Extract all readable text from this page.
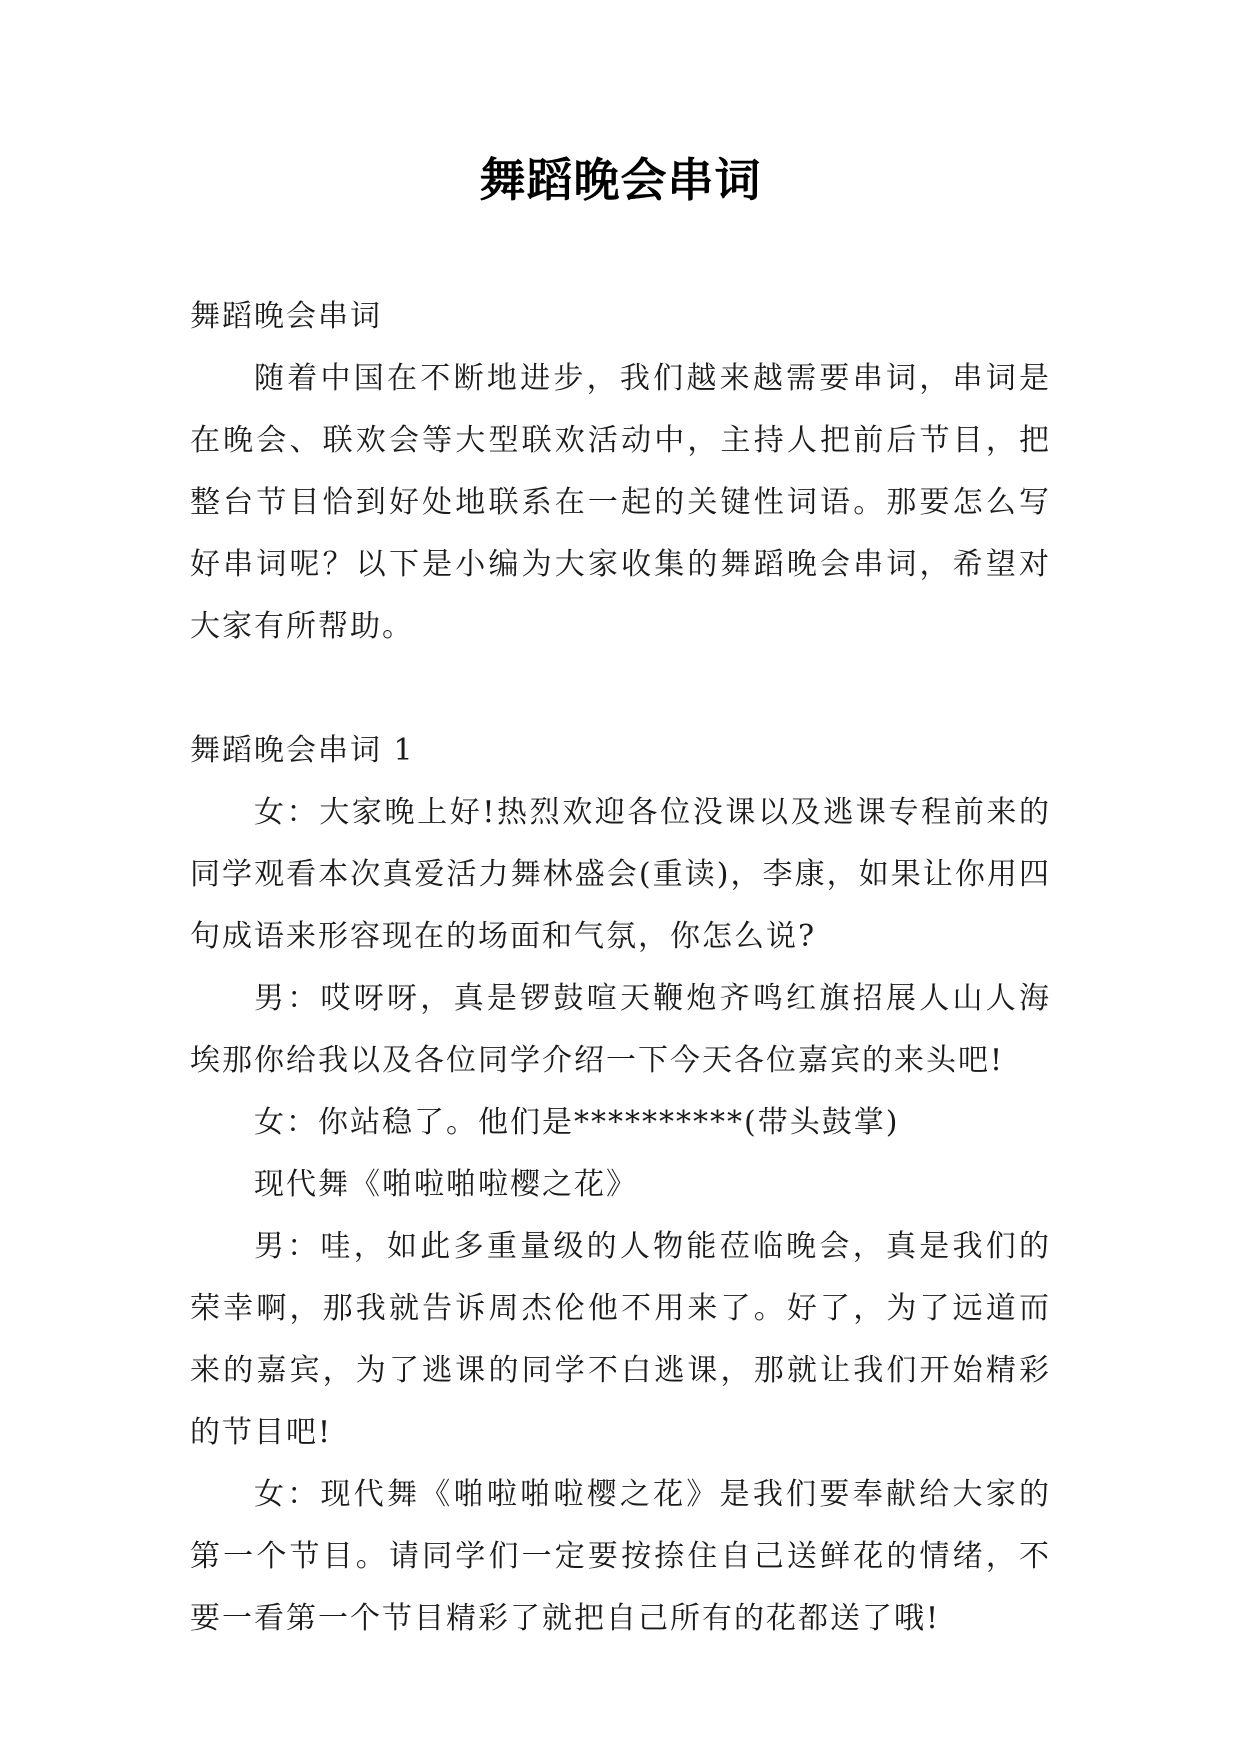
舞蹈晚会串词

舞蹈晚会串词

随着中国在不断地进步，我们越来越需要串词，串词是在晚会、联欢会等大型联欢活动中，主持人把前后节目，把整台节目恰到好处地联系在一起的关键性词语。那要怎么写好串词呢？以下是小编为大家收集的舞蹈晚会串词，希望对大家有所帮助。

舞蹈晚会串词 1

女：大家晚上好!热烈欢迎各位没课以及逃课专程前来的同学观看本次真爱活力舞林盛会(重读)，李康，如果让你用四句成语来形容现在的场面和气氛，你怎么说?

男：哎呀呀，真是锣鼓喧天鞭炮齐鸣红旗招展人山人海埃那你给我以及各位同学介绍一下今天各位嘉宾的来头吧!

女：你站稳了。他们是**********(带头鼓掌)

现代舞《啪啦啪啦樱之花》

男：哇，如此多重量级的人物能莅临晚会，真是我们的荣幸啊，那我就告诉周杰伦他不用来了。好了，为了远道而来的嘉宾，为了逃课的同学不白逃课，那就让我们开始精彩的节目吧!

女：现代舞《啪啦啪啦樱之花》是我们要奉献给大家的第一个节目。请同学们一定要按捺住自己送鲜花的情绪，不要一看第一个节目精彩了就把自己所有的花都送了哦!
